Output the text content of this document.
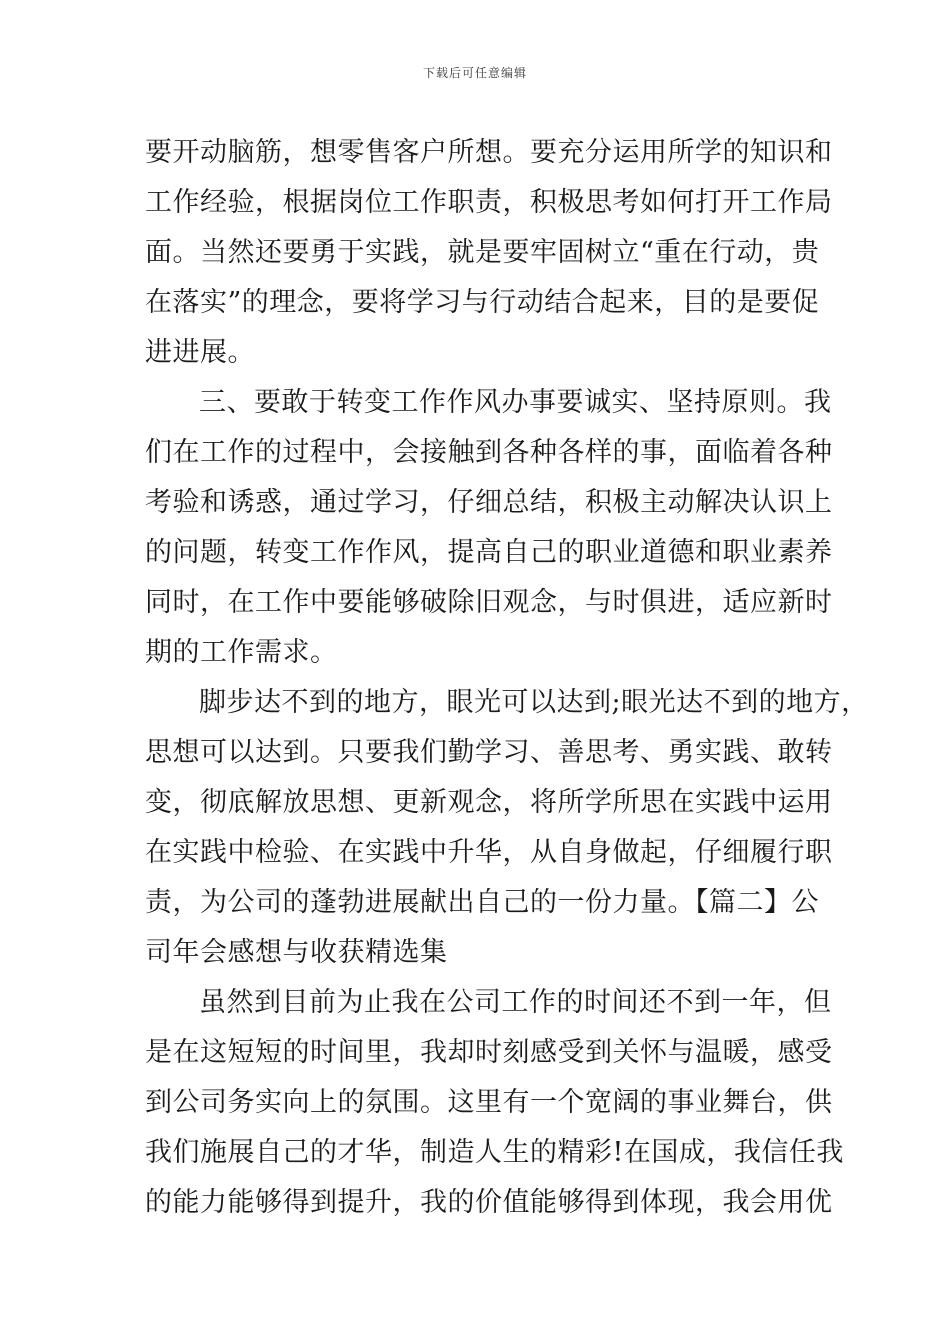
下载后可任意编辑
要开动脑筋，想零售客户所想。要充分运用所学的知识和
工作经验，根据岗位工作职责，积极思考如何打开工作局
面。当然还要勇于实践，就是要牢固树立“重在行动，贵
在落实”的理念，要将学习与行动结合起来，目的是要促
进进展。
三、要敢于转变工作作风办事要诚实、坚持原则。我
们在工作的过程中，会接触到各种各样的事，面临着各种
考验和诱惑，通过学习，仔细总结，积极主动解决认识上
的问题，转变工作作风，提高自己的职业道德和职业素养
同时，在工作中要能够破除旧观念，与时俱进，适应新时
期的工作需求。
脚步达不到的地方，眼光可以达到;眼光达不到的地方，
思想可以达到。只要我们勤学习、善思考、勇实践、敢转
变，彻底解放思想、更新观念，将所学所思在实践中运用
在实践中检验、在实践中升华，从自身做起，仔细履行职
责，为公司的蓬勃进展献出自己的一份力量。【篇二】公
司年会感想与收获精选集
虽然到目前为止我在公司工作的时间还不到一年，但
是在这短短的时间里，我却时刻感受到关怀与温暖，感受
到公司务实向上的氛围。这里有一个宽阔的事业舞台，供
我们施展自己的才华，制造人生的精彩!在国成，我信任我
的能力能够得到提升，我的价值能够得到体现，我会用优
